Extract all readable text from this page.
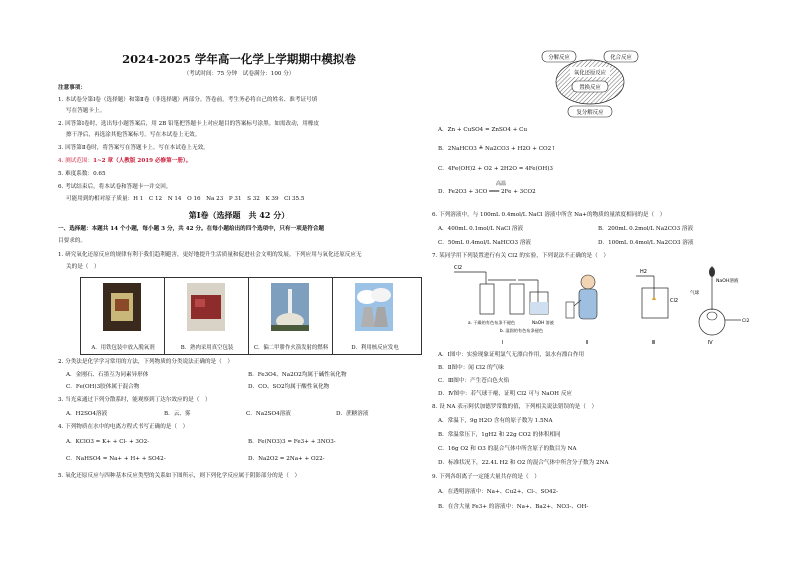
2024-2025 学年高一化学上学期期中模拟卷
（考试时间：75 分钟　试卷满分：100 分）
注意事项：
1. 本试卷分第Ⅰ卷（选择题）和第Ⅱ卷（非选择题）两部分。答卷前，考生务必将自己的姓名、准考证号填
写在答题卡上。
2. 回答第Ⅰ卷时，选出每小题答案后，用 2B 铅笔把答题卡上对应题目的答案标号涂黑。如需改动，用橡皮
擦干净后，再选涂其他答案标号。写在本试卷上无效。
3. 回答第Ⅱ卷时，将答案写在答题卡上。写在本试卷上无效。
4. 测试范围：1~2 章（人教版 2019 必修第一册）。
5. 难度系数：0.65
6. 考试结束后，将本试卷和答题卡一并交回。
可能用到的相对原子质量：H 1　C 12　N 14　O 16　Na 23　P 31　S 32　K 39　Cl 35.5
第Ⅰ卷（选择题　共 42 分）
一、选择题：本题共 14 个小题，每小题 3 分，共 42 分。在每小题给出的四个选项中，只有一项是符合题
目要求的。
1. 研究氧化还原反应的规律有利于我们趋利避害，更好地提升生活质量和促进社会文明的发展。下列应用与氧化还原反应无
关的是（　）
A．用铁包装中放入脱氧剂	B．熟肉采用真空包装	C．偏二甲肼作火箭发射的燃料	D．利用核反应发电
2. 分类法是化学学习常用的方法，下列物质的分类说法正确的是（　）
A．金刚石、石墨互为同素异形体	B．Fe3O4、Na2O2均属于碱性氧化物
C．Fe(OH)3胶体属于混合物	D．CO、SO2均属于酸性氧化物
3. 当光束通过下列分散系时，能观察到丁达尔效应的是（　）
A．H2SO4溶液	B．云、雾	C．Na2SO4溶液	D．蔗糖溶液
4. 下列物质在水中的电离方程式书写正确的是（　）
A．KClO3 = K+ + Cl- + 3O2-	B．Fe(NO3)3 = Fe3+ + 3NO3-
C．NaHSO4 = Na+ + H+ + SO42-	D．Na2O2 = 2Na+ + O22-
5. 氧化还原反应与四种基本反应类型的关系如下图所示，则下列化学反应属于阴影部分的是（　）
分解反应	化合反应
氧化还原反应
置换反应
复分解反应
A．Zn + CuSO4 = ZnSO4 + Cu
B．2NaHCO3 ≜ Na2CO3 + H2O + CO2↑
C．4Fe(OH)2 + O2 + 2H2O = 4Fe(OH)3
高温
D．Fe2O3 + 3CO ═══ 2Fe + 3CO2
6. 下列溶液中，与 100mL 0.4mol/L NaCl 溶液中所含 Na+的物质的量浓度相同的是（　）
A．400mL 0.1mol/L NaCl 溶液	B．200mL 0.2mol/L Na2CO3 溶液
C．50mL 0.4mol/L NaHCO3 溶液	D．100mL 0.4mol/L Na2CO3 溶液
7. 某同学用下列装置进行有关 Cl2 的实验，下列说法不正确的是（　）
Cl2
a. 干燥的有色布条不褪色
b. 湿润的有色布条褪色
NaOH 溶液
Ⅰ	Ⅱ
H2
Cl2
Ⅲ
气球
NaOH溶液
Cl2
Ⅳ
A．Ⅰ图中：实验现象证明氯气无漂白作用，氯水有漂白作用
B．Ⅱ图中：闻 Cl2 的气味
C．Ⅲ图中：产生苍白色火焰
D．Ⅳ图中：若气球干瘪，证明 Cl2 可与 NaOH 反应
8. 设 NA 表示阿伏加德罗常数的值，下列相关说法错误的是（　）
A．常温下，9g H2O 含有的原子数为 1.5NA
B．常温常压下，1gH2 和 22g CO2 的体积相同
C．16g O2 和 O3 的混合气体中所含原子的数目为 NA
D．标准状况下，22.4L H2 和 O2 的混合气体中所含分子数为 2NA
9. 下列各组离子一定能大量共存的是（　）
A．在透明溶液中：Na+、Cu2+、Cl-、SO42-
B．在含大量 Fe3+ 的溶液中：Na+、Ba2+、NO3-、OH-
